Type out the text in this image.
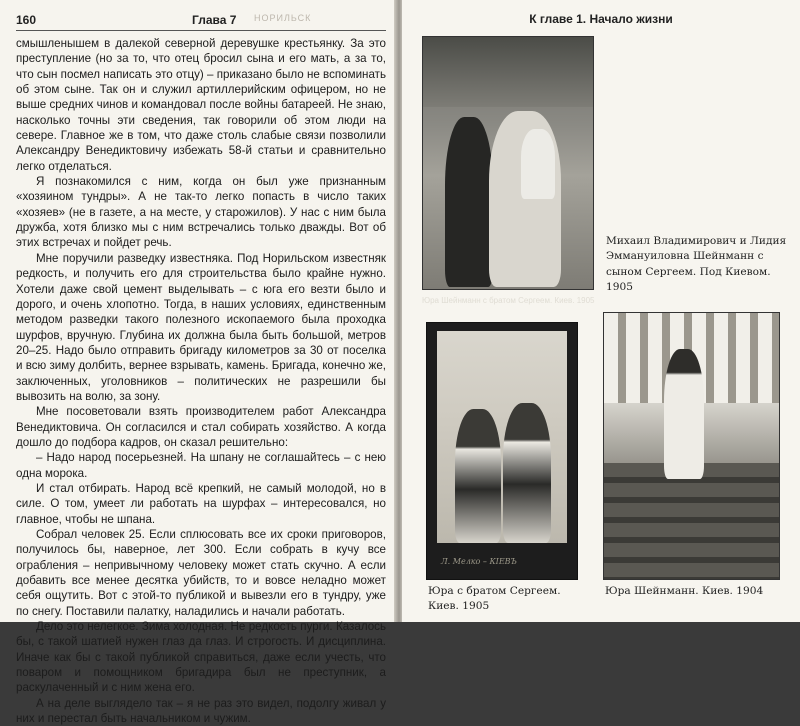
160	Глава 7 НОРИЛЬСК

смышленышем в далекой северной деревушке крестьянку. За это преступление (но за то, что отец бросил сына и его мать, а за то, что сын посмел написать это отцу) – приказано было не вспоминать об этом сыне. Так он и служил артиллерийским офицером, но не выше средних чинов и командовал после войны батареей. Не знаю, насколько точны эти сведения, так говорили об этом люди на севере. Главное же в том, что даже столь слабые связи позволили Александру Венедиктовичу избежать 58-й статьи и сравнительно легко отделаться.

Я познакомился с ним, когда он был уже признанным «хозяином тундры». А не так-то легко попасть в число таких «хозяев» (не в газете, а на месте, у старожилов). У нас с ним была дружба, хотя близко мы с ним встречались только дважды. Вот об этих встречах и пойдет речь.

Мне поручили разведку известняка. Под Норильском известняк редкость, и получить его для строительства было крайне нужно. Хотели даже свой цемент выделывать – с юга его везти было и дорого, и очень хлопотно. Тогда, в наших условиях, единственным методом разведки такого полезного ископаемого была проходка шурфов, вручную. Глубина их должна была быть большой, метров 20–25. Надо было отправить бригаду километров за 30 от поселка и всю зиму долбить, вернее взрывать, камень. Бригада, конечно же, заключенных, уголовников – политических не разрешили бы вывозить на волю, за зону.

Мне посоветовали взять производителем работ Александра Венедиктовича. Он согласился и стал собирать хозяйство. А когда дошло до подбора кадров, он сказал решительно:

– Надо народ посерьезней. На шпану не соглашайтесь – с нею одна морока.

И стал отбирать. Народ всё крепкий, не самый молодой, но в силе. О том, умеет ли работать на шурфах – интересовался, но главное, чтобы не шпана.

Собрал человек 25. Если сплюсовать все их сроки приговоров, получилось бы, наверное, лет 300. Если собрать в кучу все ограбления – непривычному человеку может стать скучно. А если добавить все менее десятка убийств, то и вовсе неладно может себя ощутить. Вот с этой-то публикой и вывезли его в тундру, уже по снегу. Поставили палатку, наладились и начали работать.

Дело это нелегкое. Зима холодная. Не редкость пурги. Казалось бы, с такой шатией нужен глаз да глаз. И строгость. И дисциплина. Иначе как бы с такой публикой справиться, даже если учесть, что поваром и помощником бригадира был не преступник, а раскулаченный и с ним жена его.

А на деле выглядело так – я не раз это видел, подолгу живал у них и перестал быть начальником и чужим.

К главе 1. Начало жизни
Михаил Владимирович и Лидия Эммануиловна Шейнманн с сыном Сергеем. Под Киевом. 1905
Юра Шейнманн с братом Сергеем. Киев. 1905
Л. Мелко – КІЕВЪ
Юра с братом Сергеем. Киев. 1905
Юра Шейнманн. Киев. 1904
